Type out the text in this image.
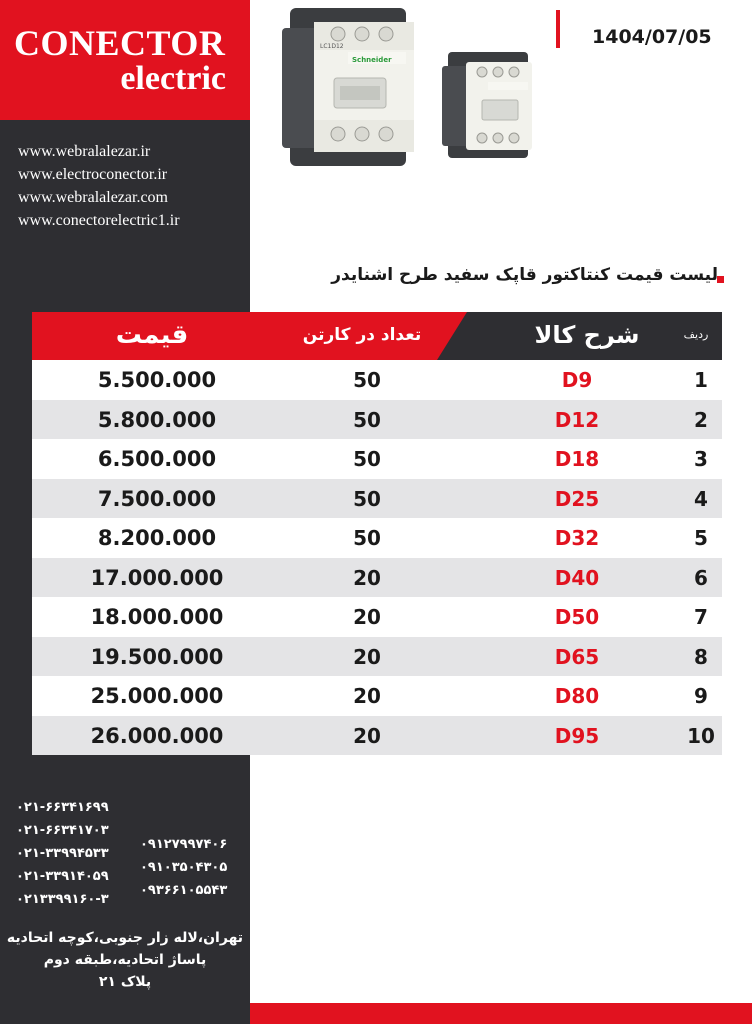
CONECTOR
electric
www.webralalezar.ir
www.electroconector.ir
www.webralalezar.com
www.conectorelectric1.ir
۰۲۱-۶۶۳۴۱۶۹۹
۰۲۱-۶۶۳۴۱۷۰۳
۰۲۱-۳۳۹۹۴۵۳۳
۰۲۱-۳۳۹۱۴۰۵۹
۰۲۱۳۳۹۹۱۶۰-۳
۰۹۱۲۷۹۹۷۴۰۶
۰۹۱۰۳۵۰۴۳۰۵
۰۹۳۶۶۱۰۵۵۴۳
تهران،لاله زار جنوبی،کوچه اتحادیه
پاساژ اتحادیه،طبقه دوم
پلاک ۲۱
1404/07/05
LC1D12
Schneider
لیست قیمت کنتاکتور قاپک سفید طرح اشنایدر
قیمت	تعداد در کارتن	شرح کالا	ردیف
5.500.000	50	D9	1
5.800.000	50	D12	2
6.500.000	50	D18	3
7.500.000	50	D25	4
8.200.000	50	D32	5
17.000.000	20	D40	6
18.000.000	20	D50	7
19.500.000	20	D65	8
25.000.000	20	D80	9
26.000.000	20	D95	10
